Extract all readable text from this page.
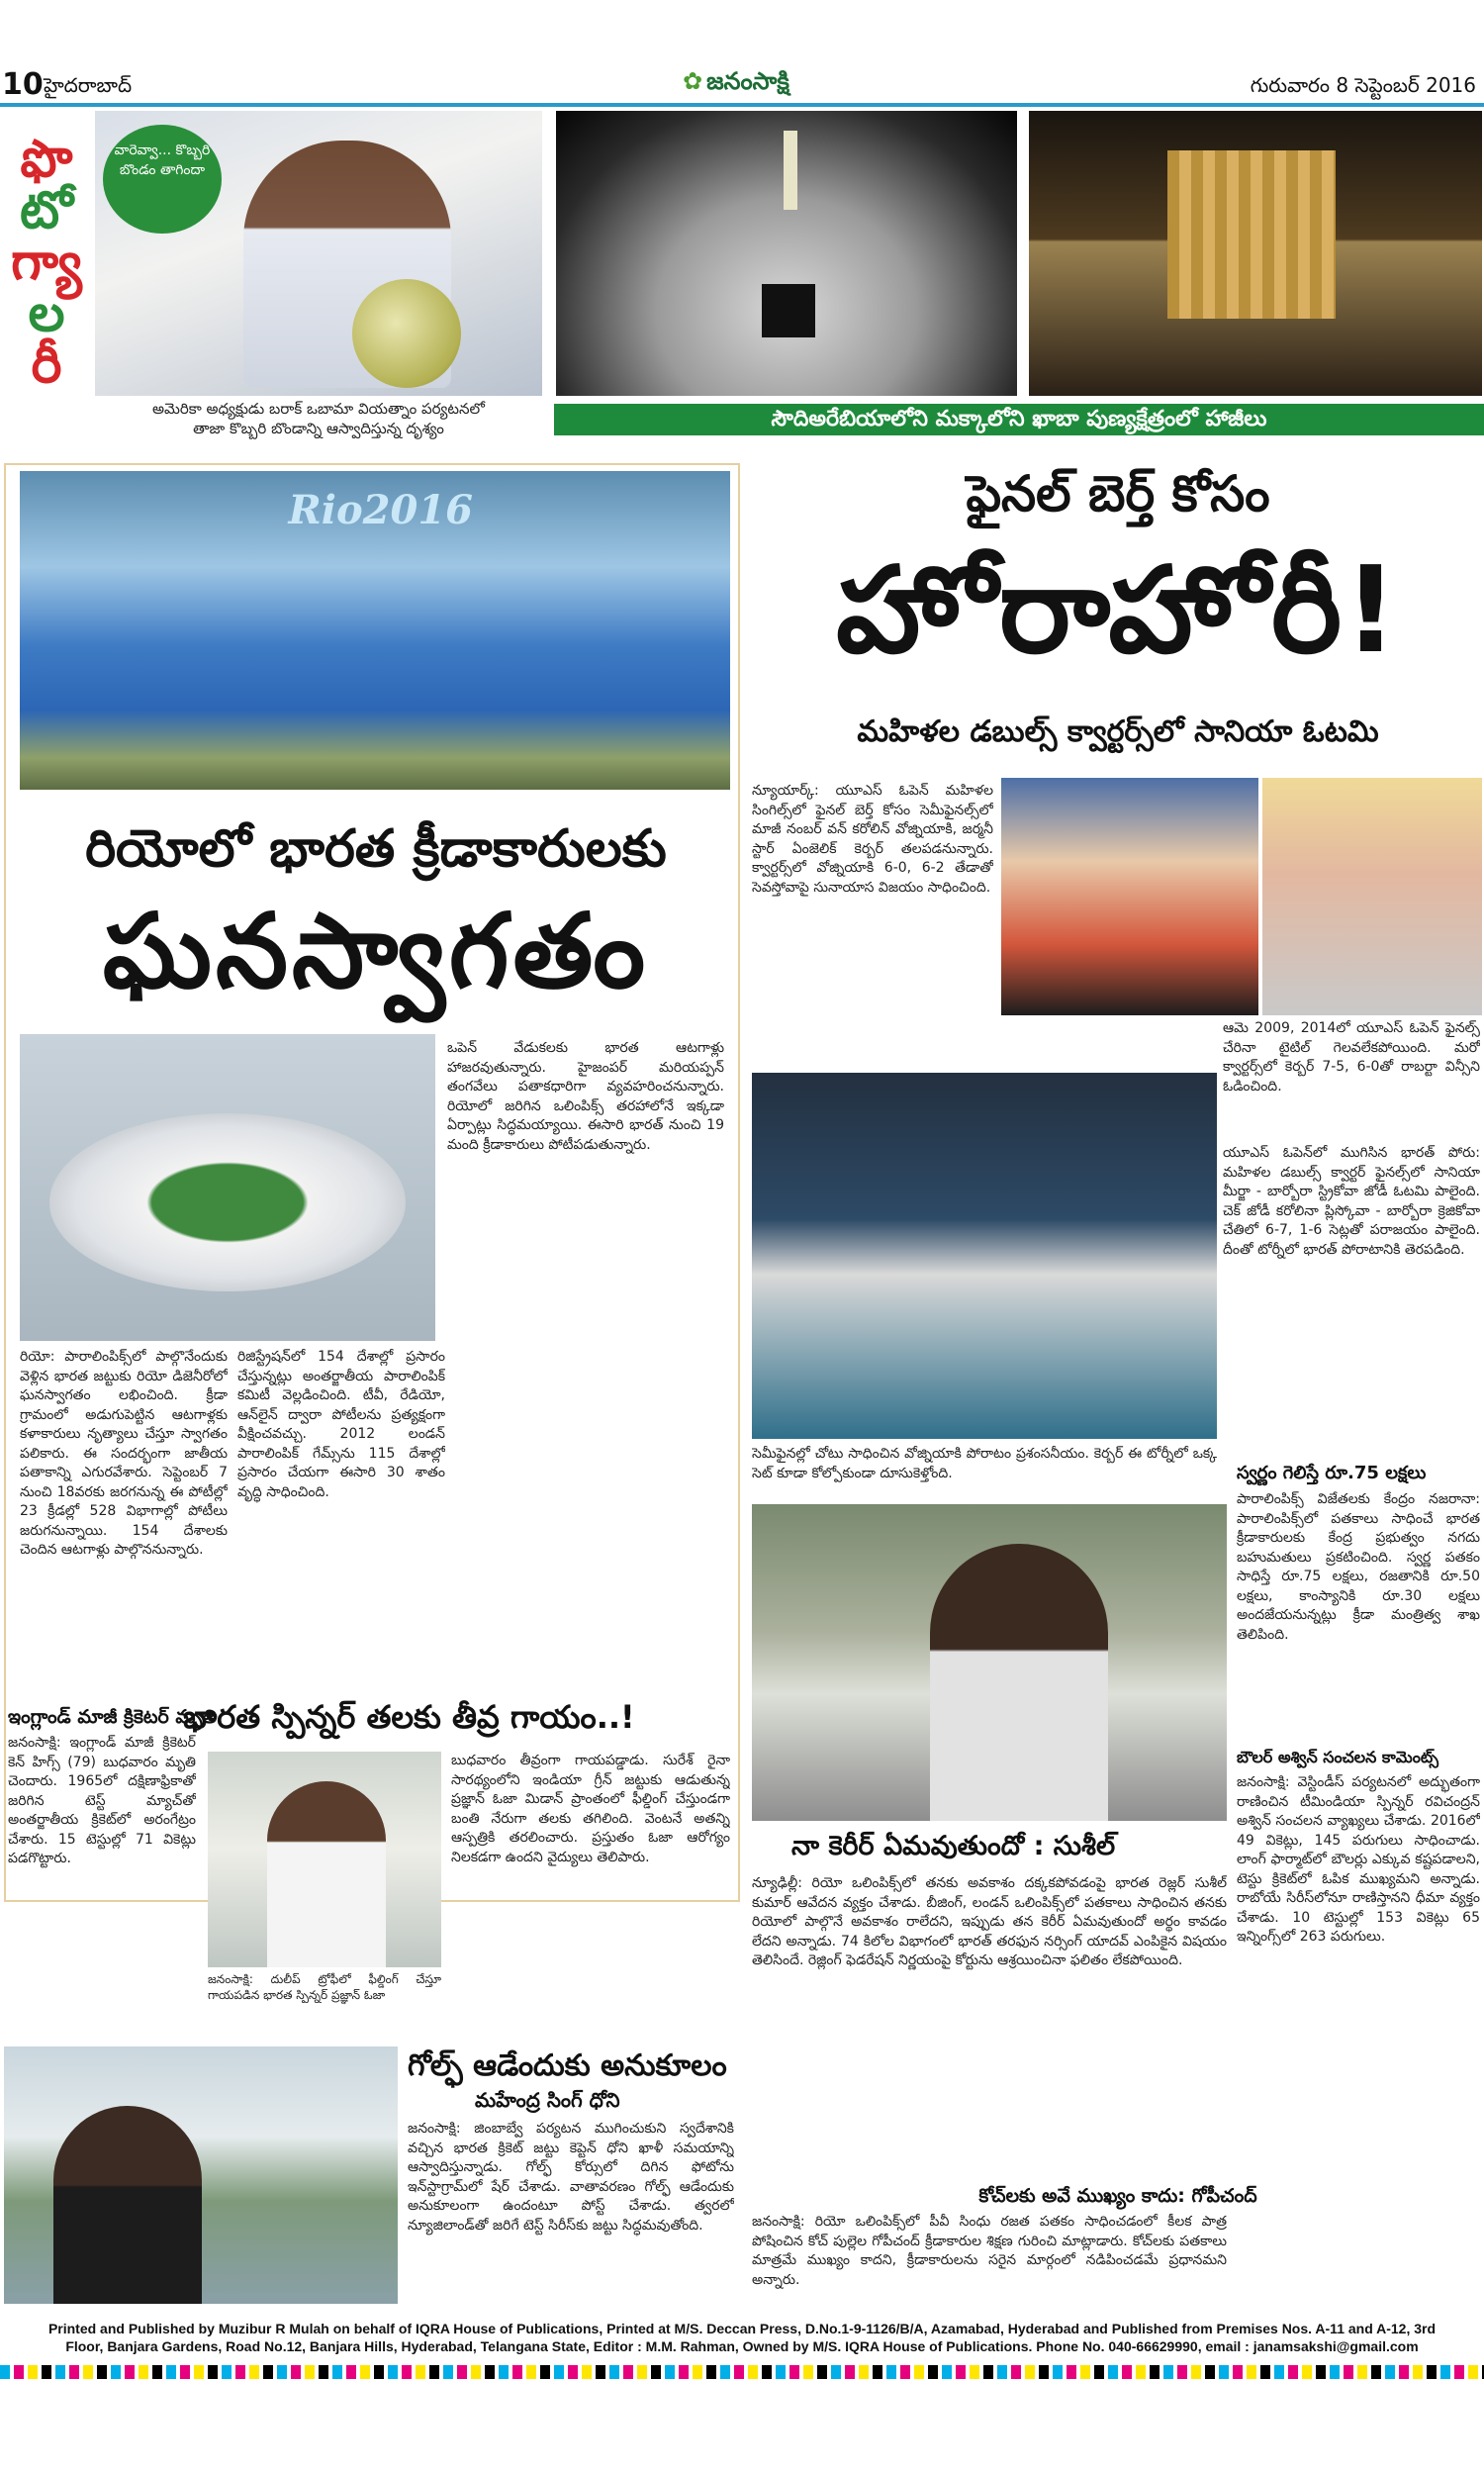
10 హైదరాబాద్
✿	జనంసాక్షి	గురువారం 8 సెప్టెంబర్ 2016
ఫొ
టో
గ్యా
ల
రీ
వారెవ్వా... కొబ్బరి బొండం తాగిందా
అమెరికా అధ్యక్షుడు బరాక్ ఒబామా వియత్నాం పర్యటనలో
తాజా కొబ్బరి బొండాన్ని ఆస్వాదిస్తున్న దృశ్యం	సౌదిఅరేబియాలోని మక్కాలోని ఖాబా పుణ్యక్షేత్రంలో హాజీలు
Rio2016
రియోలో భారత క్రీడాకారులకు
ఘనస్వాగతం
ఒపెన్ వేడుకలకు భారత ఆటగాళ్లు హాజరవుతున్నారు. హైజంపర్ మరియప్పన్ తంగవేలు పతాకధారిగా వ్యవహరించనున్నారు. రియోలో జరిగిన ఒలింపిక్స్ తరహాలోనే ఇక్కడా ఏర్పాట్లు సిద్ధమయ్యాయి. ఈసారి భారత్ నుంచి 19 మంది క్రీడాకారులు పోటీపడుతున్నారు.
రియో: పారాలింపిక్స్‌లో పాల్గొనేందుకు వెళ్లిన భారత జట్టుకు రియో డిజెనీరోలో ఘనస్వాగతం లభించింది. క్రీడా గ్రామంలో అడుగుపెట్టిన ఆటగాళ్లకు కళాకారులు నృత్యాలు చేస్తూ స్వాగతం పలికారు. ఈ సందర్భంగా జాతీయ పతాకాన్ని ఎగురవేశారు. సెప్టెంబర్ 7 నుంచి 18వరకు జరగనున్న ఈ పోటీల్లో 23 క్రీడల్లో 528 విభాగాల్లో పోటీలు జరుగనున్నాయి. 154 దేశాలకు చెందిన ఆటగాళ్లు పాల్గొననున్నారు.
రిజిస్ట్రేషన్‌లో 154 దేశాల్లో ప్రసారం చేస్తున్నట్లు అంతర్జాతీయ పారాలింపిక్ కమిటీ వెల్లడించింది. టీవీ, రేడియో, ఆన్‌లైన్ ద్వారా పోటీలను ప్రత్యక్షంగా వీక్షించవచ్చు. 2012 లండన్ పారాలింపిక్ గేమ్స్‌ను 115 దేశాల్లో ప్రసారం చేయగా ఈసారి 30 శాతం వృద్ధి సాధించింది.
ఇంగ్లాండ్ మాజీ క్రికెటర్ మృతి
జనంసాక్షి: ఇంగ్లాండ్ మాజీ క్రికెటర్ కెన్ హిగ్స్ (79) బుధవారం మృతి చెందారు. 1965లో దక్షిణాఫ్రికాతో జరిగిన టెస్ట్ మ్యాచ్‌తో అంతర్జాతీయ క్రికెట్‌లో అరంగేట్రం చేశారు. 15 టెస్టుల్లో 71 వికెట్లు పడగొట్టారు.
భారత స్పిన్నర్ తలకు తీవ్ర గాయం..!
జనంసాక్షి: దులీప్ ట్రోఫీలో ఫీల్డింగ్ చేస్తూ గాయపడిన భారత స్పిన్నర్ ప్రజ్ఞాన్ ఓజా
బుధవారం తీవ్రంగా గాయపడ్డాడు. సురేశ్ రైనా సారథ్యంలోని ఇండియా గ్రీన్ జట్టుకు ఆడుతున్న ప్రజ్ఞాన్ ఓజా మిడాన్ ప్రాంతంలో ఫీల్డింగ్ చేస్తుండగా బంతి నేరుగా తలకు తగిలింది. వెంటనే అతన్ని ఆస్పత్రికి తరలించారు. ప్రస్తుతం ఓజా ఆరోగ్యం నిలకడగా ఉందని వైద్యులు తెలిపారు.
గోల్ఫ్ ఆడేందుకు అనుకూలం
మహేంద్ర సింగ్ ధోని
జనంసాక్షి: జింబాబ్వే పర్యటన ముగించుకుని స్వదేశానికి వచ్చిన భారత క్రికెట్ జట్టు కెప్టెన్ ధోని ఖాళీ సమయాన్ని ఆస్వాదిస్తున్నాడు. గోల్ఫ్ కోర్సులో దిగిన ఫోటోను ఇన్‌స్టాగ్రామ్‌లో షేర్ చేశాడు. వాతావరణం గోల్ఫ్ ఆడేందుకు అనుకూలంగా ఉందంటూ పోస్ట్ చేశాడు. త్వరలో న్యూజిలాండ్‌తో జరిగే టెస్ట్ సిరీస్‌కు జట్టు సిద్ధమవుతోంది.
ఫైనల్ బెర్త్ కోసం
హోరాహోరీ!
మహిళల డబుల్స్ క్వార్టర్స్‌లో సానియా ఓటమి
న్యూయార్క్: యూఎస్ ఓపెన్ మహిళల సింగిల్స్‌లో ఫైనల్ బెర్త్ కోసం సెమీఫైనల్స్‌లో మాజీ నంబర్ వన్ కరోలిన్ వోజ్నియాకి, జర్మనీ స్టార్ ఏంజెలిక్ కెర్బర్ తలపడనున్నారు. క్వార్టర్స్‌లో వోజ్నియాకి 6-0, 6-2 తేడాతో సెవస్తోవాపై సునాయాస విజయం సాధించింది.
ఆమె 2009, 2014లో యూఎస్ ఓపెన్ ఫైనల్స్ చేరినా టైటిల్ గెలవలేకపోయింది. మరో క్వార్టర్స్‌లో కెర్బర్ 7-5, 6-0తో రాబర్టా విన్సీని ఓడించింది.
యూఎస్ ఓపెన్‌లో ముగిసిన భారత్ పోరు: మహిళల డబుల్స్ క్వార్టర్ ఫైనల్స్‌లో సానియా మీర్జా - బార్బోరా స్ట్రికోవా జోడీ ఓటమి పాలైంది. చెక్ జోడీ కరోలినా ప్లిస్కోవా - బార్బోరా క్రెజికోవా చేతిలో 6-7, 1-6 సెట్లతో పరాజయం పాలైంది. దీంతో టోర్నీలో భారత్ పోరాటానికి తెరపడింది.
సెమీఫైనల్లో చోటు సాధించిన వోజ్నియాకి పోరాటం ప్రశంసనీయం. కెర్బర్ ఈ టోర్నీలో ఒక్క సెట్ కూడా కోల్పోకుండా దూసుకెళ్తోంది.	స్వర్ణం గెలిస్తే రూ.75 లక్షలు
పారాలింపిక్స్ విజేతలకు కేంద్రం నజరానా: పారాలింపిక్స్‌లో పతకాలు సాధించే భారత క్రీడాకారులకు కేంద్ర ప్రభుత్వం నగదు బహుమతులు ప్రకటించింది. స్వర్ణ పతకం సాధిస్తే రూ.75 లక్షలు, రజతానికి రూ.50 లక్షలు, కాంస్యానికి రూ.30 లక్షలు అందజేయనున్నట్లు క్రీడా మంత్రిత్వ శాఖ తెలిపింది.
బౌలర్ అశ్విన్ సంచలన కామెంట్స్
జనంసాక్షి: వెస్టిండీస్ పర్యటనలో అద్భుతంగా రాణించిన టీమిండియా స్పిన్నర్ రవిచంద్రన్ అశ్విన్ సంచలన వ్యాఖ్యలు చేశాడు. 2016లో 49 వికెట్లు, 145 పరుగులు సాధించాడు. లాంగ్ ఫార్మాట్‌లో బౌలర్లు ఎక్కువ కష్టపడాలని, టెస్టు క్రికెట్‌లో ఓపిక ముఖ్యమని అన్నాడు. రాబోయే సిరీస్‌లోనూ రాణిస్తానని ధీమా వ్యక్తం చేశాడు. 10 టెస్టుల్లో 153 వికెట్లు 65 ఇన్నింగ్స్‌లో 263 పరుగులు.
నా కెరీర్ ఏమవుతుందో : సుశీల్
న్యూఢిల్లీ: రియో ఒలింపిక్స్‌లో తనకు అవకాశం దక్కకపోవడంపై భారత రెజ్లర్ సుశీల్ కుమార్ ఆవేదన వ్యక్తం చేశాడు. బీజింగ్, లండన్ ఒలింపిక్స్‌లో పతకాలు సాధించిన తనకు రియోలో పాల్గొనే అవకాశం రాలేదని, ఇప్పుడు తన కెరీర్ ఏమవుతుందో అర్థం కావడం లేదని అన్నాడు. 74 కిలోల విభాగంలో భారత్ తరఫున నర్సింగ్ యాదవ్ ఎంపికైన విషయం తెలిసిందే. రెజ్లింగ్ ఫెడరేషన్ నిర్ణయంపై కోర్టును ఆశ్రయించినా ఫలితం లేకపోయింది.
కోచ్‌లకు అవే ముఖ్యం కాదు: గోపీచంద్
జనంసాక్షి: రియో ఒలింపిక్స్‌లో పీవీ సింధు రజత పతకం సాధించడంలో కీలక పాత్ర పోషించిన కోచ్ పుల్లెల గోపీచంద్ క్రీడాకారుల శిక్షణ గురించి మాట్లాడారు. కోచ్‌లకు పతకాలు మాత్రమే ముఖ్యం కాదని, క్రీడాకారులను సరైన మార్గంలో నడిపించడమే ప్రధానమని అన్నారు.
Printed and Published by Muzibur R Mulah on behalf of IQRA House of Publications, Printed at M/S. Deccan Press, D.No.1-9-1126/B/A, Azamabad, Hyderabad and Published from Premises Nos. A-11 and A-12, 3rd
Floor, Banjara Gardens, Road No.12, Banjara Hills, Hyderabad, Telangana State, Editor : M.M. Rahman, Owned by M/S. IQRA House of Publications. Phone No. 040-66629990, email : janamsakshi@gmail.com
